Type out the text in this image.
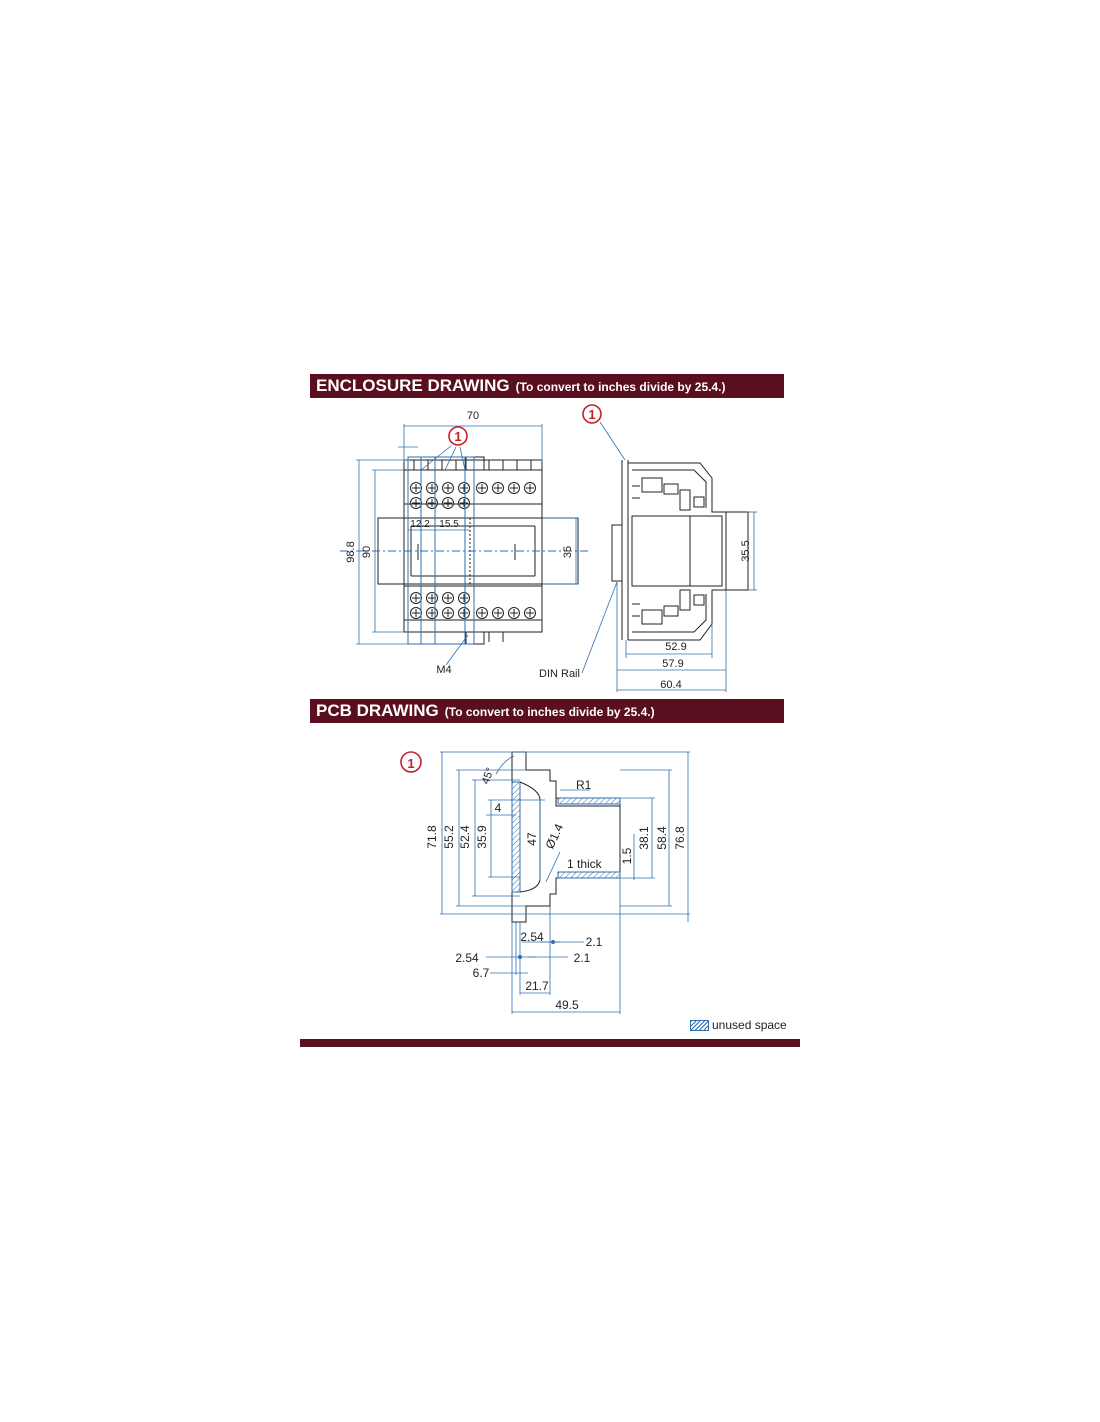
ENCLOSURE DRAWING (To convert to inches divide by 25.4.)
PCB DRAWING (To convert to inches divide by 25.4.)
1
70
12.2 15.5
98.8 90	35
M4
1
35.5
52.9
57.9
60.4
DIN Rail
1
45°	R1
4
71.8 55.2 52.4 35.9	47 Ø1.4
1 thick 1.5
38.1 58.4 76.8
2.54	2.1
2.54	2.1
6.7
21.7
49.5
unused space
